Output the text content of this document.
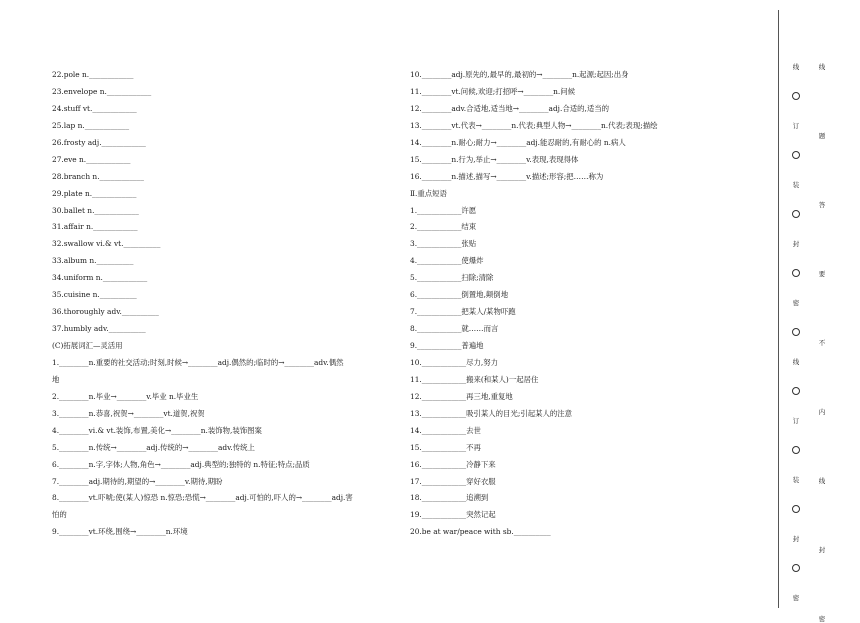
22.pole n.____________
23.envelope n.____________
24.stuff vt.____________
25.lap n.____________
26.frosty adj.____________
27.eve n.____________
28.branch n.____________
29.plate n.____________
30.ballet n.____________
31.affair n.____________
32.swallow vi.& vt.__________
33.album n.__________
34.uniform n.____________
35.cuisine n.__________
36.thoroughly adv.__________
37.humbly adv.__________
(C)拓展词汇—灵活用
1.________n.重要的社交活动;时刻,时候→________adj.偶然的;临时的→________adv.偶然
地
2.________n.毕业→________v.毕业 n.毕业生
3.________n.恭喜,祝贺→________vt.道贺,祝贺
4.________vi.& vt.装饰,布置,美化→________n.装饰物,装饰图案
5.________n.传统→________adj.传统的→________adv.传统上
6.________n.字,字体;人物,角色→________adj.典型的;独特的 n.特征;特点;品质
7.________adj.期待的,期望的→________v.期待,期盼
8.________vt.吓唬;使(某人)惊恐 n.惊恐;恐慌→________adj.可怕的,吓人的→________adj.害
怕的
9.________vt.环绕,围绕→________n.环境
10.________adj.原先的,最早的,最初的→________n.起源;起因;出身
11.________vt.问候,欢迎;打招呼→________n.问候
12.________adv.合适地,适当地→________adj.合适的,适当的
13.________vt.代表→________n.代表;典型人物→________n.代表;表现;描绘
14.________n.耐心;耐力→________adj.能忍耐的,有耐心的 n.病人
15.________n.行为,举止→________v.表现,表现得体
16.________n.描述,描写→________v.描述;形容;把……称为
Ⅱ.重点短语
1.____________许愿
2.____________结束
3.____________张贴
4.____________使爆炸
5.____________扫除;清除
6.____________倒置地,颠倒地
7.____________把某人/某物吓跑
8.____________就……而言
9.____________普遍地
10.____________尽力,努力
11.____________搬来(和某人)一起居住
12.____________再三地,重复地
13.____________吸引某人的目光;引起某人的注意
14.____________去世
15.____________不再
16.____________冷静下来
17.____________穿好衣服
18.____________追溯到
19.____________突然记起
20.be at war/peace with sb.__________
线
订
装
封
密
线
订
装
封
密
线
题
答
要
不
内
线
封
密
